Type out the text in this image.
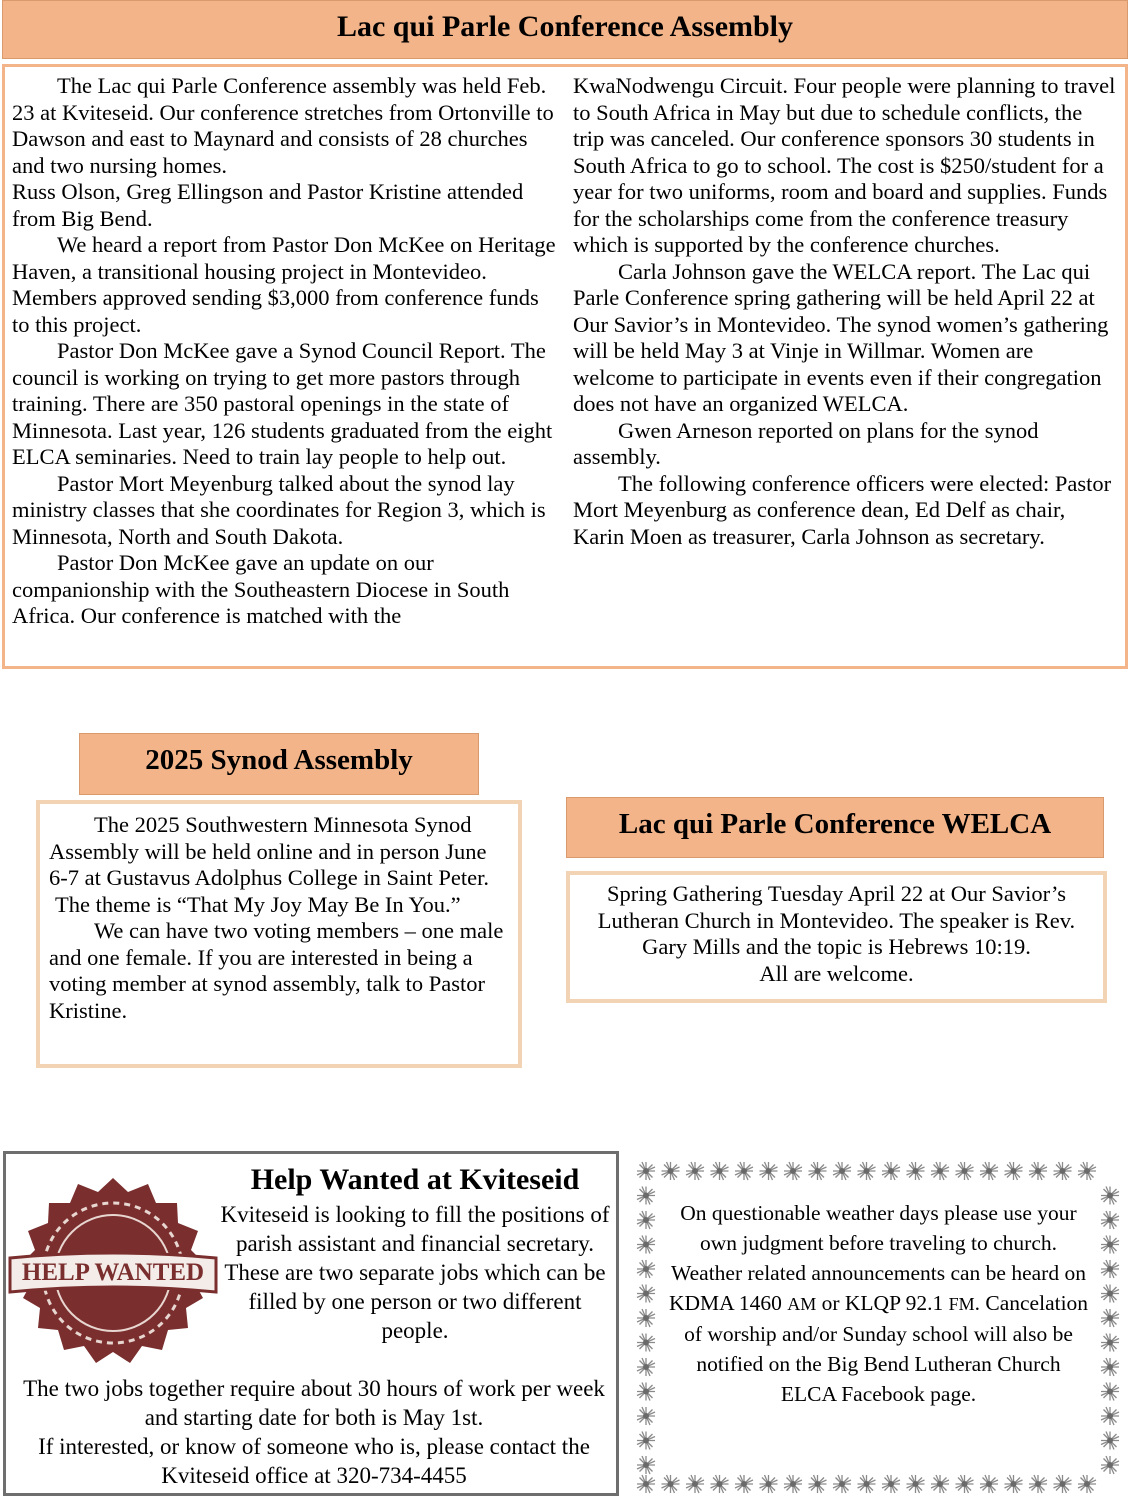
Lac qui Parle Conference Assembly

The Lac qui Parle Conference assembly was held Feb. 23 at Kviteseid. Our conference stretches from Ortonville to Dawson and east to Maynard and consists of 28 churches and two nursing homes.

Russ Olson, Greg Ellingson and Pastor Kristine attended from Big Bend.

We heard a report from Pastor Don McKee on Heritage Haven, a transitional housing project in Montevideo. Members approved sending $3,000 from conference funds to this project.

Pastor Don McKee gave a Synod Council Report. The council is working on trying to get more pastors through training. There are 350 pastoral openings in the state of Minnesota. Last year, 126 students graduated from the eight ELCA seminaries. Need to train lay people to help out.

Pastor Mort Meyenburg talked about the synod lay ministry classes that she coordinates for Region 3, which is Minnesota, North and South Dakota.

Pastor Don McKee gave an update on our companionship with the Southeastern Diocese in South Africa. Our conference is matched with the

KwaNodwengu Circuit. Four people were planning to travel to South Africa in May but due to schedule conflicts, the trip was canceled. Our conference sponsors 30 students in South Africa to go to school. The cost is $250/student for a year for two uniforms, room and board and supplies. Funds for the scholarships come from the conference treasury which is supported by the conference churches.

Carla Johnson gave the WELCA report. The Lac qui Parle Conference spring gathering will be held April 22 at Our Savior’s in Montevideo. The synod women’s gathering will be held May 3 at Vinje in Willmar. Women are welcome to participate in events even if their congregation does not have an organized WELCA.

Gwen Arneson reported on plans for the synod assembly.

The following conference officers were elected: Pastor Mort Meyenburg as conference dean, Ed Delf as chair, Karin Moen as treasurer, Carla Johnson as secretary.

2025 Synod Assembly

The 2025 Southwestern Minnesota Synod Assembly will be held online and in person June 6-7 at Gustavus Adolphus College in Saint Peter.

The theme is “That My Joy May Be In You.”

We can have two voting members – one male and one female. If you are interested in being a voting member at synod assembly, talk to Pastor Kristine.

Lac qui Parle Conference WELCA

Spring Gathering Tuesday April 22 at Our Savior’s Lutheran Church in Montevideo. The speaker is Rev. Gary Mills and the topic is Hebrews 10:19.

All are welcome.

HELP WANTED
Help Wanted at Kviteseid

Kviteseid is looking to fill the positions of parish assistant and financial secretary.

These are two separate jobs which can be filled by one person or two different people.

The two jobs together require about 30 hours of work per week and starting date for both is May 1st.

If interested, or know of someone who is, please contact the Kviteseid office at 320-734-4455

On questionable weather days please use your own judgment before traveling to church. Weather related announcements can be heard on KDMA 1460 AM or KLQP 92.1 FM. Cancelation of worship and/or Sunday school will also be notified on the Big Bend Lutheran Church ELCA Facebook page.
